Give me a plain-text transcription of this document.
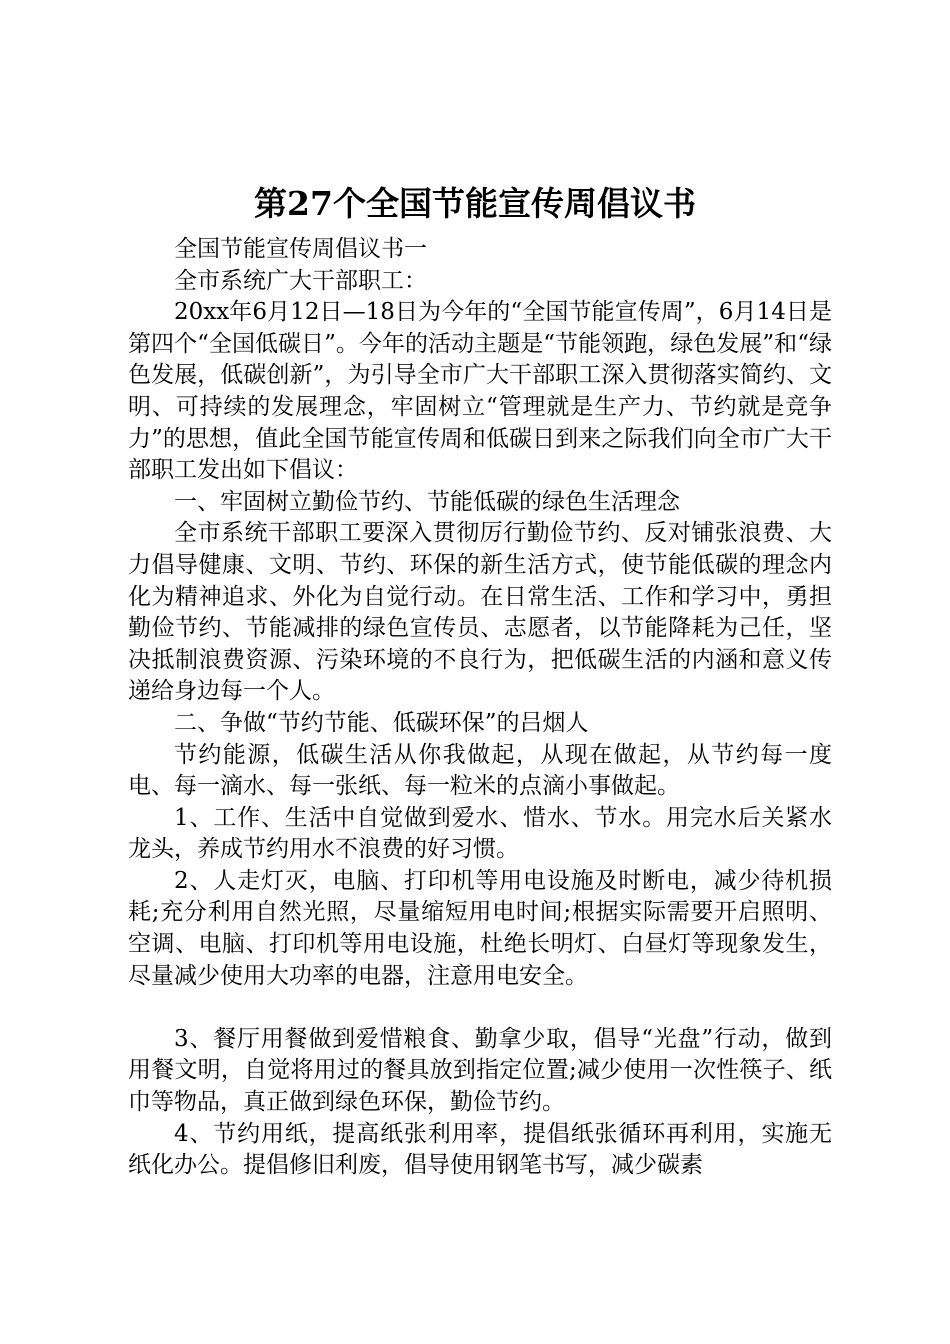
第27个全国节能宣传周倡议书

全国节能宣传周倡议书一

全市系统广大干部职工：

20xx年6月12日—18日为今年的“全国节能宣传周”，6月14日是第四个“全国低碳日”。今年的活动主题是“节能领跑，绿色发展”和“绿色发展，低碳创新”，为引导全市广大干部职工深入贯彻落实简约、文明、可持续的发展理念，牢固树立“管理就是生产力、节约就是竞争力”的思想，值此全国节能宣传周和低碳日到来之际我们向全市广大干部职工发出如下倡议：

一、牢固树立勤俭节约、节能低碳的绿色生活理念

全市系统干部职工要深入贯彻厉行勤俭节约、反对铺张浪费、大力倡导健康、文明、节约、环保的新生活方式，使节能低碳的理念内化为精神追求、外化为自觉行动。在日常生活、工作和学习中，勇担勤俭节约、节能减排的绿色宣传员、志愿者，以节能降耗为己任，坚决抵制浪费资源、污染环境的不良行为，把低碳生活的内涵和意义传递给身边每一个人。

二、争做“节约节能、低碳环保”的吕烟人

节约能源，低碳生活从你我做起，从现在做起，从节约每一度电、每一滴水、每一张纸、每一粒米的点滴小事做起。

1、工作、生活中自觉做到爱水、惜水、节水。用完水后关紧水龙头，养成节约用水不浪费的好习惯。

2、人走灯灭，电脑、打印机等用电设施及时断电，减少待机损耗;充分利用自然光照，尽量缩短用电时间;根据实际需要开启照明、空调、电脑、打印机等用电设施，杜绝长明灯、白昼灯等现象发生，尽量减少使用大功率的电器，注意用电安全。

3、餐厅用餐做到爱惜粮食、勤拿少取，倡导“光盘”行动，做到用餐文明，自觉将用过的餐具放到指定位置;减少使用一次性筷子、纸巾等物品，真正做到绿色环保，勤俭节约。

4、节约用纸，提高纸张利用率，提倡纸张循环再利用，实施无纸化办公。提倡修旧利废，倡导使用钢笔书写，减少碳素
